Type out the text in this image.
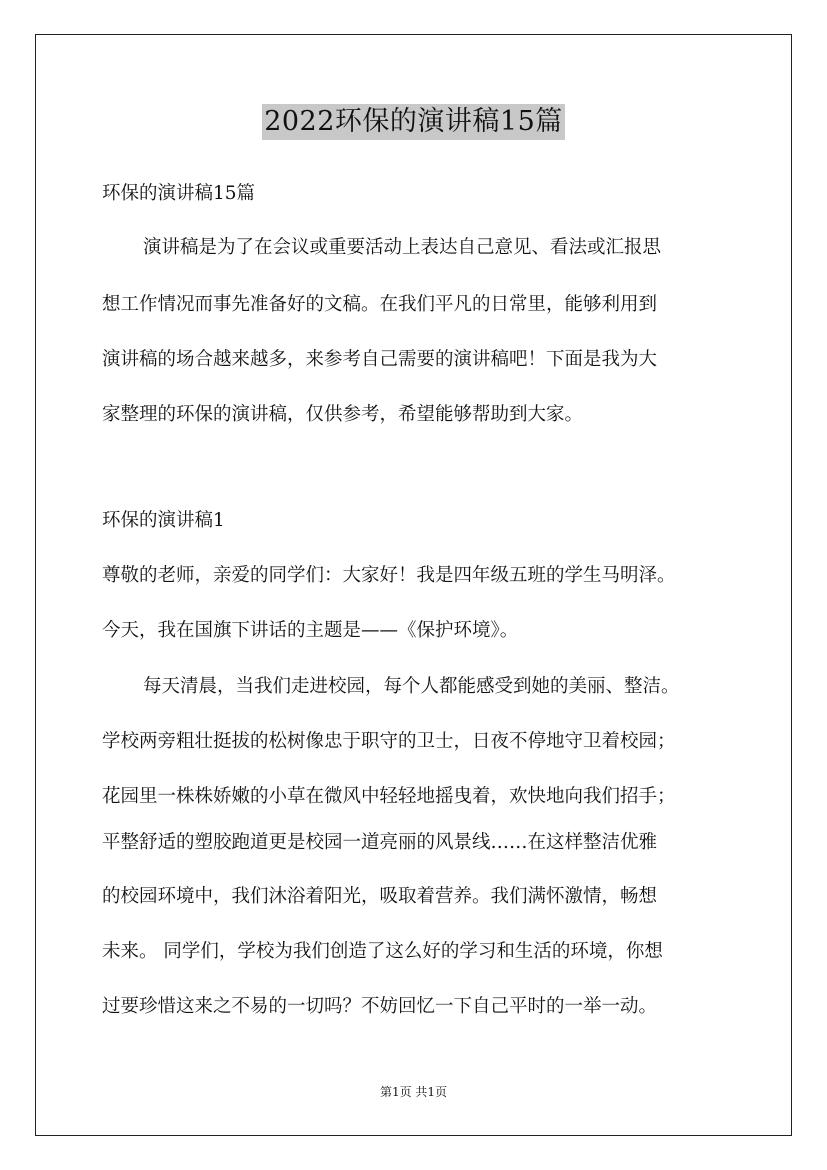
2022环保的演讲稿15篇
环保的演讲稿15篇
演讲稿是为了在会议或重要活动上表达自己意见、看法或汇报思
想工作情况而事先准备好的文稿。在我们平凡的日常里，能够利用到
演讲稿的场合越来越多，来参考自己需要的演讲稿吧！下面是我为大
家整理的环保的演讲稿，仅供参考，希望能够帮助到大家。
环保的演讲稿1
尊敬的老师，亲爱的同学们：大家好！我是四年级五班的学生马明泽。
今天，我在国旗下讲话的主题是——《保护环境》。
每天清晨，当我们走进校园，每个人都能感受到她的美丽、整洁。
学校两旁粗壮挺拔的松树像忠于职守的卫士，日夜不停地守卫着校园；
花园里一株株娇嫩的小草在微风中轻轻地摇曳着，欢快地向我们招手；
平整舒适的塑胶跑道更是校园一道亮丽的风景线……在这样整洁优雅
的校园环境中，我们沐浴着阳光，吸取着营养。我们满怀激情，畅想
未来。 同学们，学校为我们创造了这么好的学习和生活的环境，你想
过要珍惜这来之不易的一切吗？不妨回忆一下自己平时的一举一动。
第1页 共1页
